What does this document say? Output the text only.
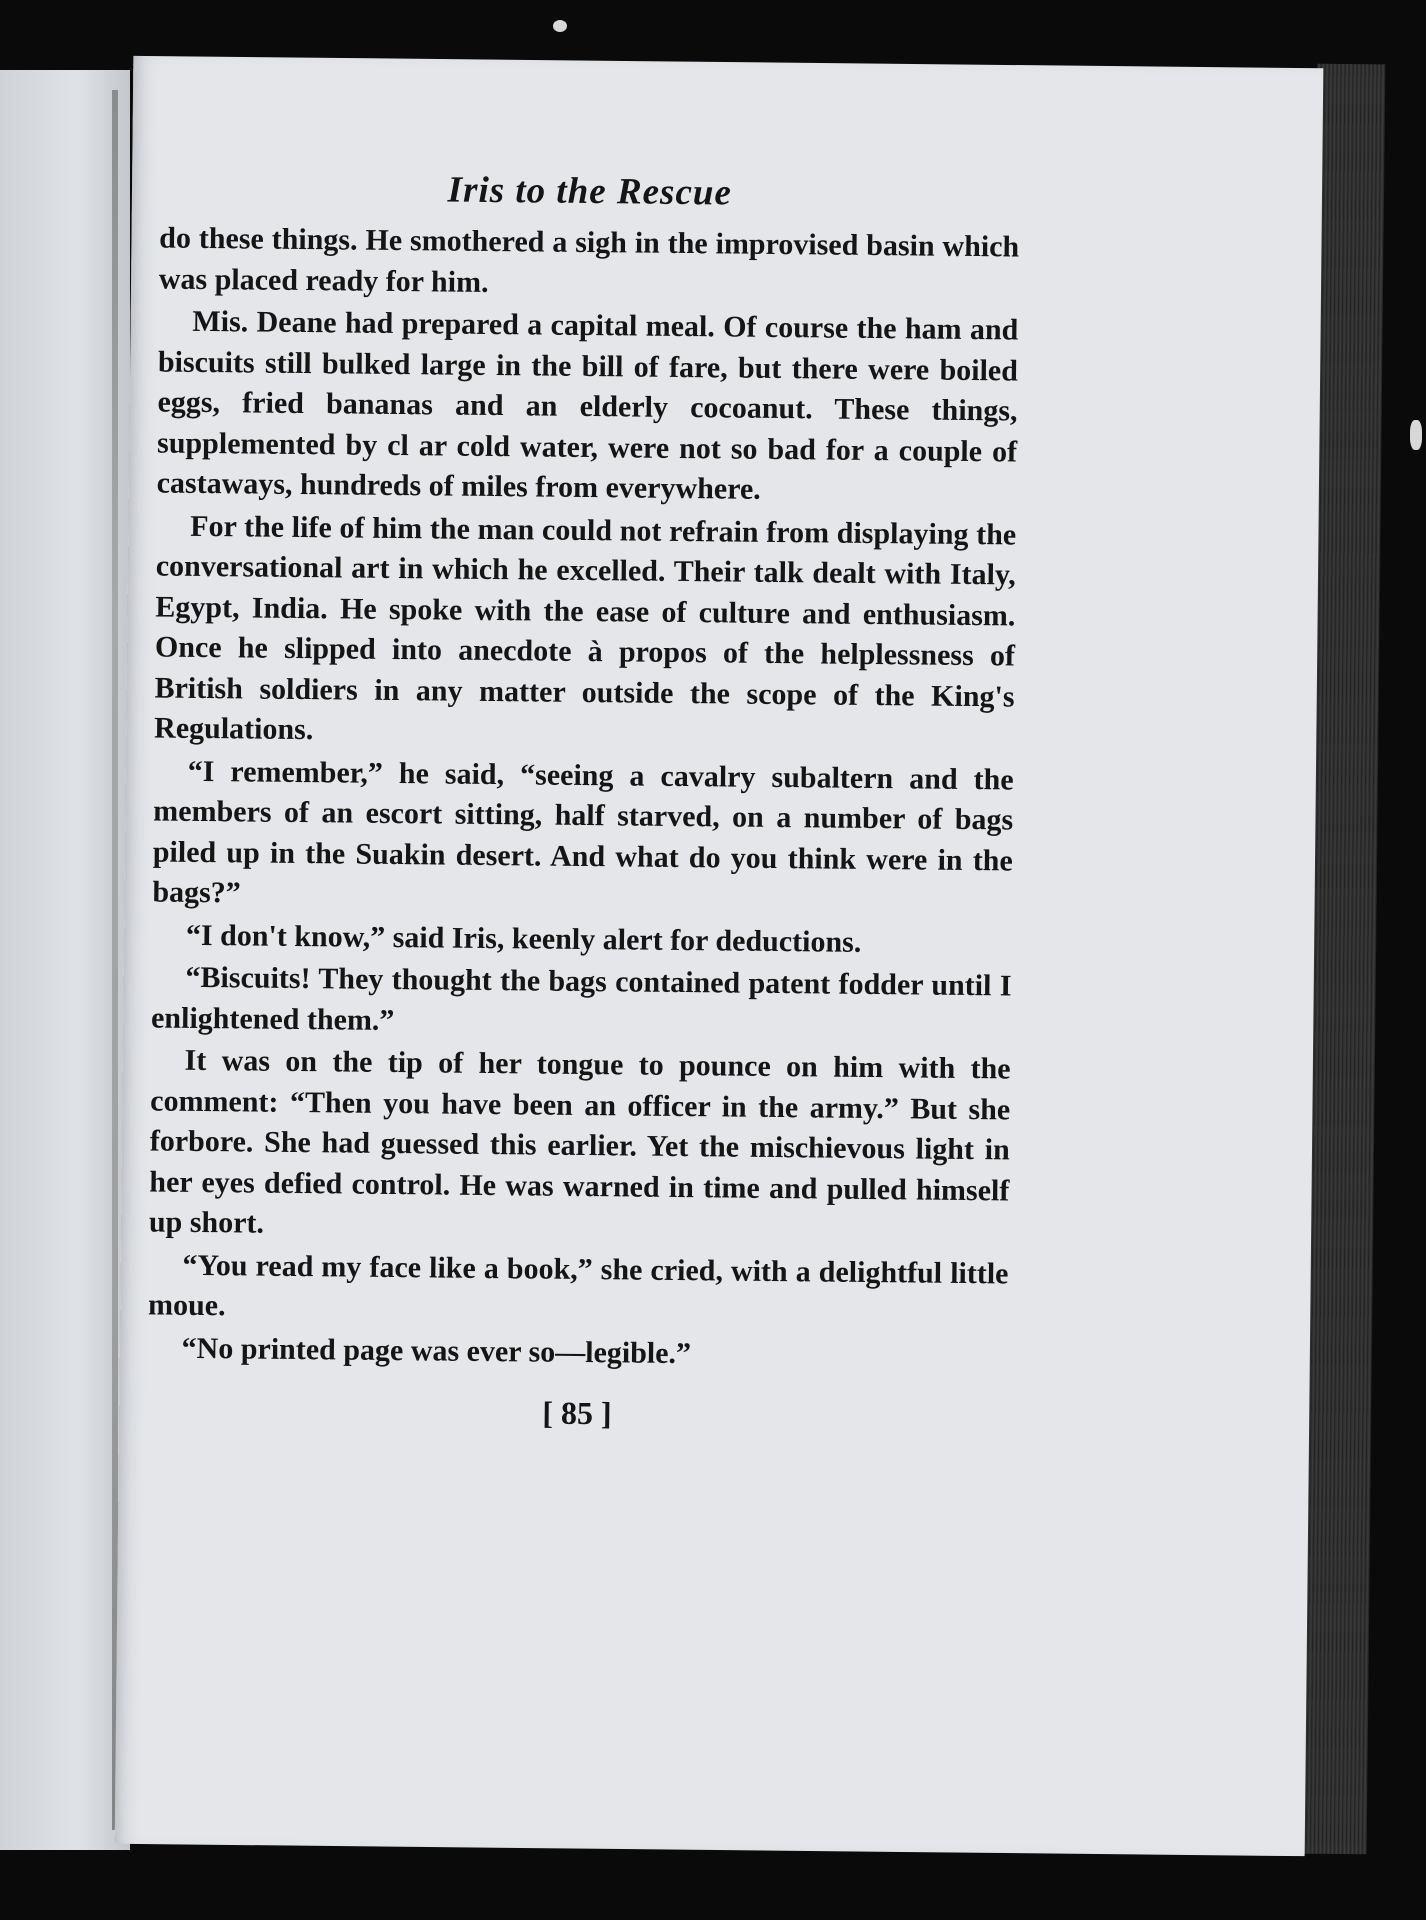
Iris to the Rescue

do these things. He smothered a sigh in the improvised basin which was placed ready for him.

Mis. Deane had prepared a capital meal. Of course the ham and biscuits still bulked large in the bill of fare, but there were boiled eggs, fried bananas and an elderly cocoanut. These things, supplemented by cl ar cold water, were not so bad for a couple of castaways, hundreds of miles from everywhere.

For the life of him the man could not refrain from displaying the conversational art in which he excelled. Their talk dealt with Italy, Egypt, India. He spoke with the ease of culture and enthusiasm. Once he slipped into anecdote à propos of the helplessness of British soldiers in any matter outside the scope of the King's Regulations.

“I remember,” he said, “seeing a cavalry subaltern and the members of an escort sitting, half starved, on a number of bags piled up in the Suakin desert. And what do you think were in the bags?”

“I don't know,” said Iris, keenly alert for deductions.

“Biscuits! They thought the bags contained patent fodder until I enlightened them.”

It was on the tip of her tongue to pounce on him with the comment: “Then you have been an officer in the army.” But she forbore. She had guessed this earlier. Yet the mischievous light in her eyes defied control. He was warned in time and pulled himself up short.

“You read my face like a book,” she cried, with a delightful little moue.

“No printed page was ever so—legible.”

[ 85 ]
